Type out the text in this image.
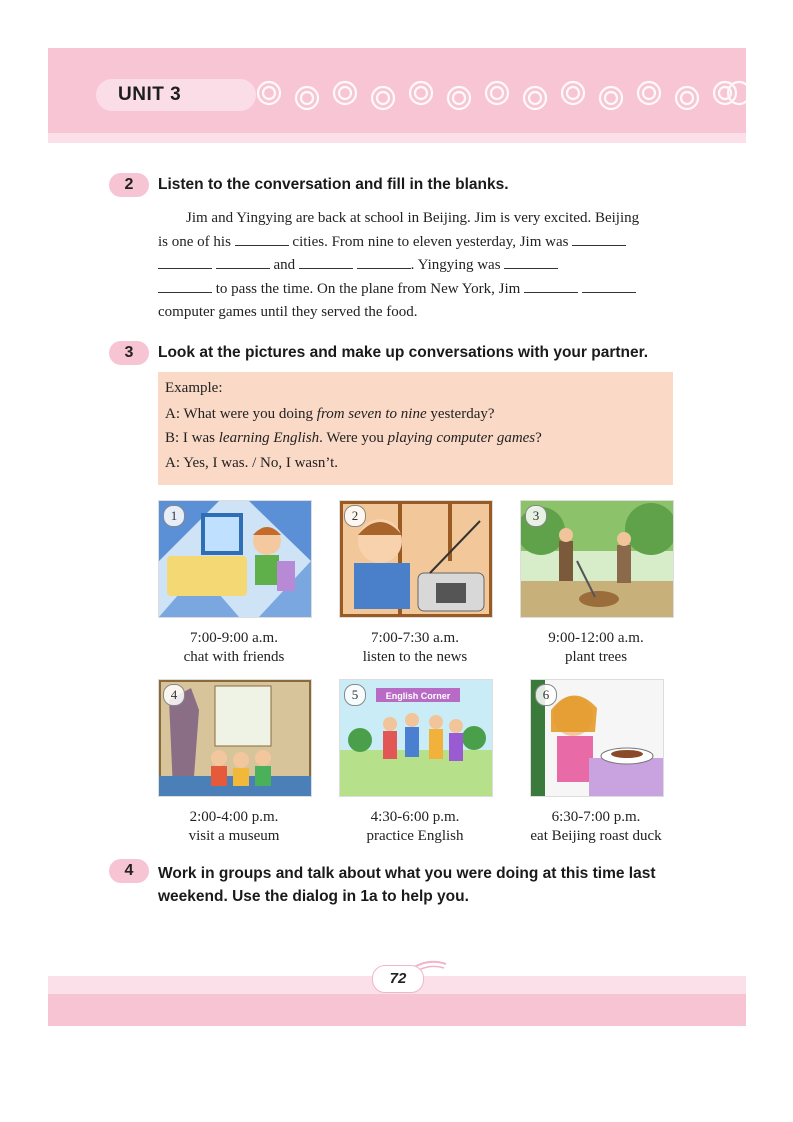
UNIT 3
2	Listen to the conversation and fill in the blanks.

Jim and Yingying are back at school in Beijing. Jim is very excited. Beijing

is one of his	cities. From nine to eleven yesterday, Jim was

and	. Yingying was

to pass the time. On the plane from New York, Jim

computer games until they served the food.

3	Look at the pictures and make up conversations with your partner.
Example:
A: What were you doing from seven to nine yesterday?
B: I was learning English. Were you playing computer games?
A: Yes, I was. / No, I wasn’t.
1
7:00-9:00 a.m.
chat with friends
2
7:00-7:30 a.m.
listen to the news
3
9:00-12:00 a.m.
plant trees
4
2:00-4:00 p.m.
visit a museum
English Corner
5
4:30-6:00 p.m.
practice English
6
6:30-7:00 p.m.
eat Beijing roast duck
4	Work in groups and talk about what you were doing at this time last
weekend. Use the dialog in 1a to help you.
72
